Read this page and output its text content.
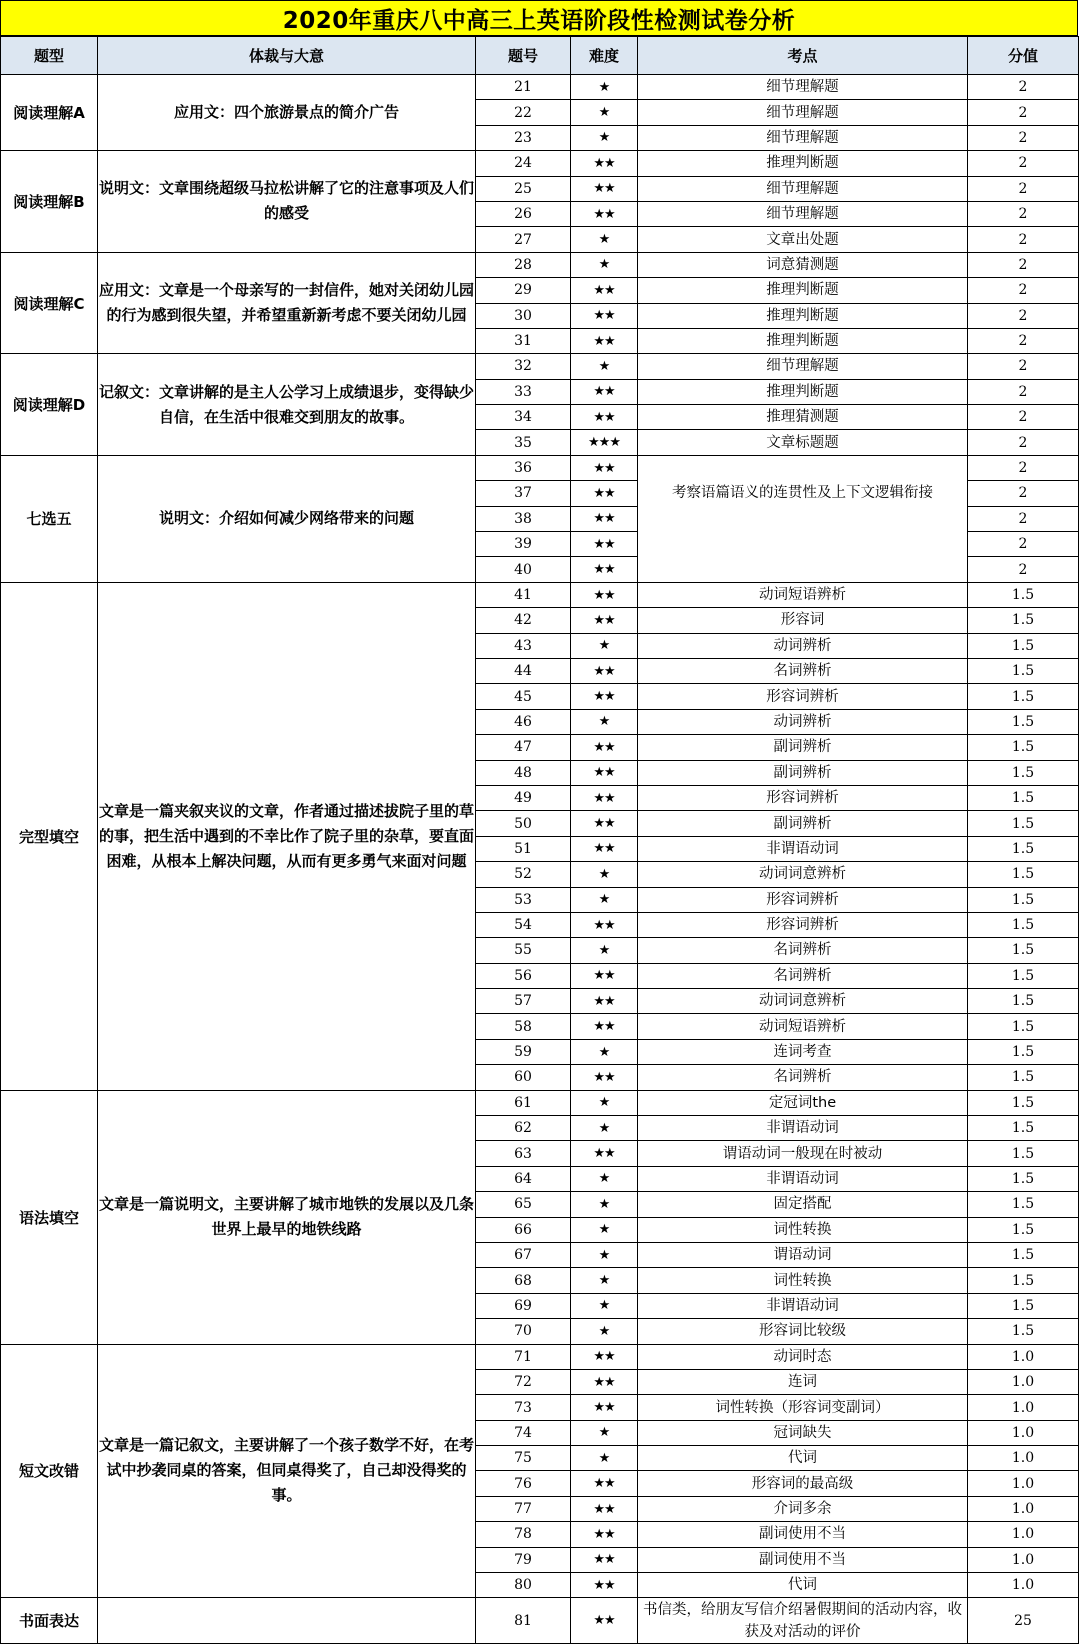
2020年重庆八中高三上英语阶段性检测试卷分析
题型	体裁与大意	题号	难度	考点	分值
阅读理解A	应用文：四个旅游景点的简介广告	21	★	细节理解题	2
		22	★	细节理解题	2
		23	★	细节理解题	2
阅读理解B	说明文：文章围绕超级马拉松讲解了它的注意事项及人们的感受	24	★★	推理判断题	2
		25	★★	细节理解题	2
		26	★★	细节理解题	2
		27	★	文章出处题	2
阅读理解C	应用文：文章是一个母亲写的一封信件，她对关闭幼儿园的行为感到很失望，并希望重新新考虑不要关闭幼儿园	28	★	词意猜测题	2
		29	★★	推理判断题	2
		30	★★	推理判断题	2
		31	★★	推理判断题	2
阅读理解D	记叙文：文章讲解的是主人公学习上成绩退步，变得缺少自信，在生活中很难交到朋友的故事。	32	★	细节理解题	2
		33	★★	推理判断题	2
		34	★★	推理猜测题	2
		35	★★★	文章标题题	2
七选五	说明文：介绍如何减少网络带来的问题	36	★★	考察语篇语义的连贯性及上下文逻辑衔接	2
		37	★★		2
		38	★★		2
		39	★★		2
		40	★★		2
完型填空	文章是一篇夹叙夹议的文章，作者通过描述拔院子里的草的事，把生活中遇到的不幸比作了院子里的杂草，要直面困难，从根本上解决问题，从而有更多勇气来面对问题	41	★★	动词短语辨析	1.5
		42	★★	形容词	1.5
		43	★	动词辨析	1.5
		44	★★	名词辨析	1.5
		45	★★	形容词辨析	1.5
		46	★	动词辨析	1.5
		47	★★	副词辨析	1.5
		48	★★	副词辨析	1.5
		49	★★	形容词辨析	1.5
		50	★★	副词辨析	1.5
		51	★★	非谓语动词	1.5
		52	★	动词词意辨析	1.5
		53	★	形容词辨析	1.5
		54	★★	形容词辨析	1.5
		55	★	名词辨析	1.5
		56	★★	名词辨析	1.5
		57	★★	动词词意辨析	1.5
		58	★★	动词短语辨析	1.5
		59	★	连词考查	1.5
		60	★★	名词辨析	1.5
语法填空	文章是一篇说明文，主要讲解了城市地铁的发展以及几条世界上最早的地铁线路	61	★	定冠词the	1.5
		62	★	非谓语动词	1.5
		63	★★	谓语动词一般现在时被动	1.5
		64	★	非谓语动词	1.5
		65	★	固定搭配	1.5
		66	★	词性转换	1.5
		67	★	谓语动词	1.5
		68	★	词性转换	1.5
		69	★	非谓语动词	1.5
		70	★	形容词比较级	1.5
短文改错	文章是一篇记叙文，主要讲解了一个孩子数学不好，在考试中抄袭同桌的答案，但同桌得奖了，自己却没得奖的事。	71	★★	动词时态	1.0
		72	★★	连词	1.0
		73	★★	词性转换（形容词变副词）	1.0
		74	★	冠词缺失	1.0
		75	★	代词	1.0
		76	★★	形容词的最高级	1.0
		77	★★	介词多余	1.0
		78	★★	副词使用不当	1.0
		79	★★	副词使用不当	1.0
		80	★★	代词	1.0
书面表达		81	★★	书信类，给朋友写信介绍暑假期间的活动内容，收获及对活动的评价	25
